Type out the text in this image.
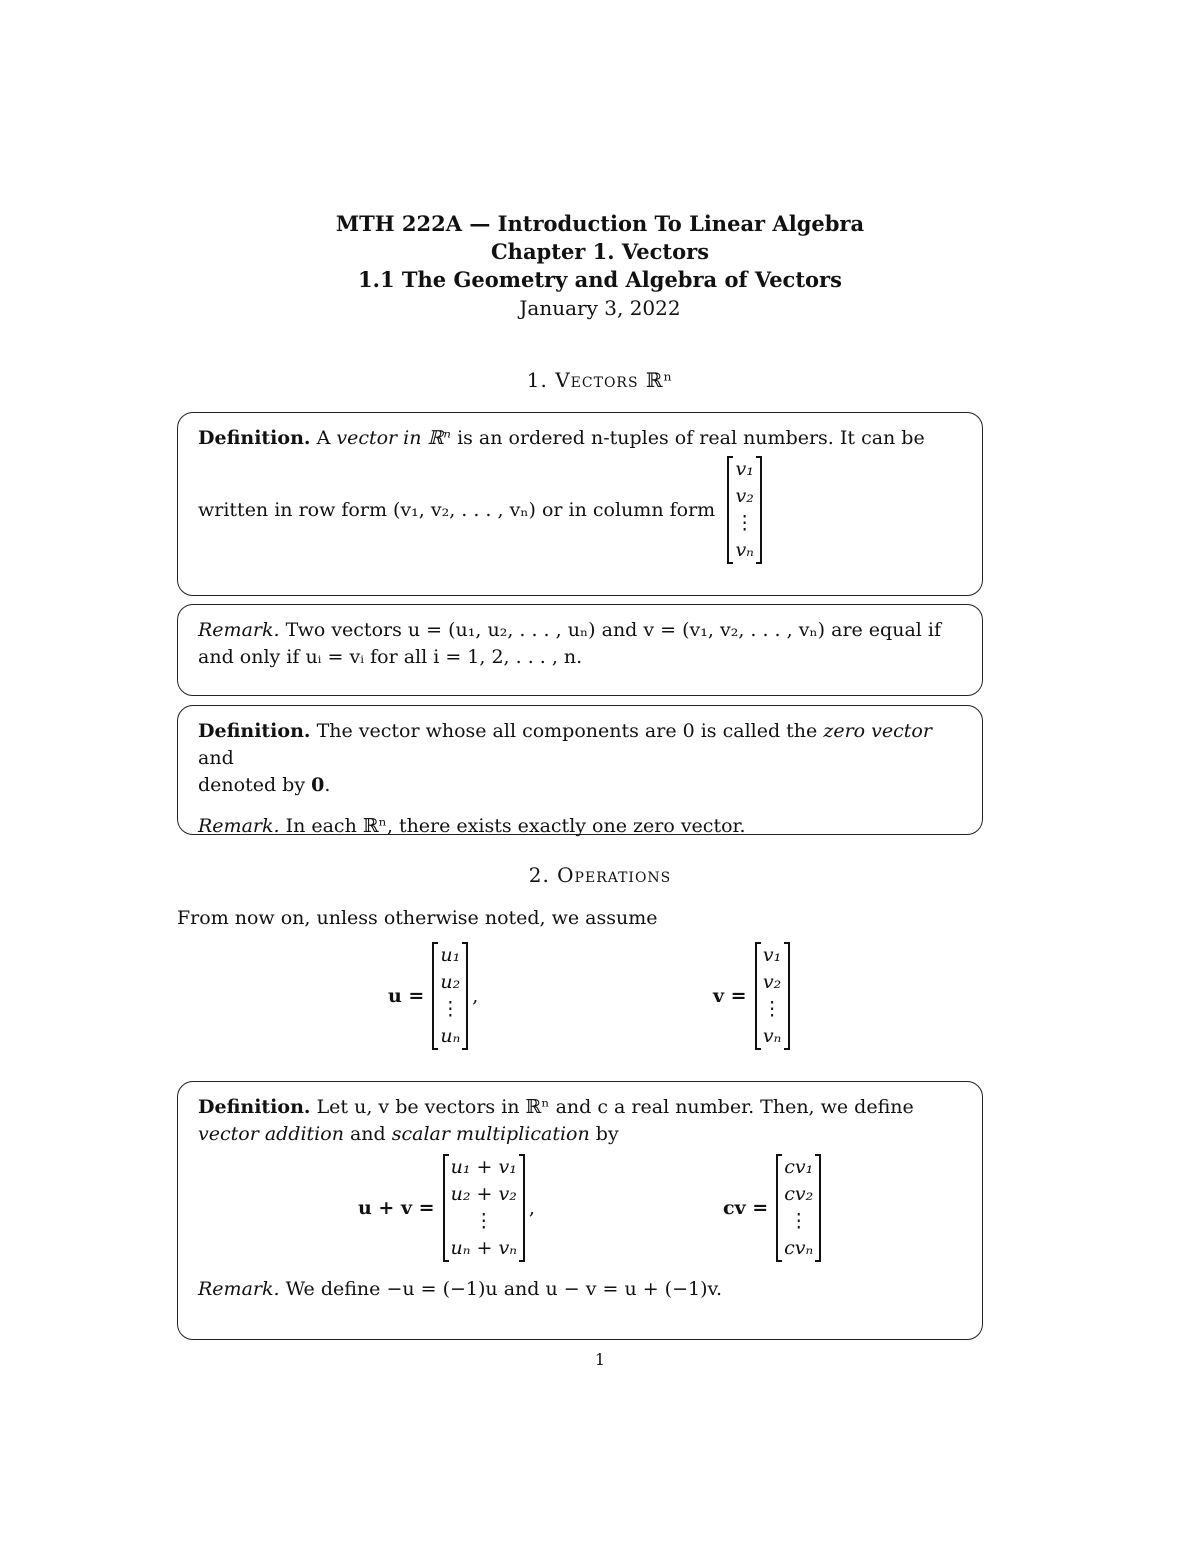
MTH 222A — Introduction To Linear Algebra
Chapter 1. Vectors
1.1 The Geometry and Algebra of Vectors
January 3, 2022
1. Vectors ℝⁿ

Definition. A vector in ℝⁿ is an ordered n-tuples of real numbers. It can be

written in row form (v₁, v₂, . . . , vₙ) or in column form
v₁
v₂
⋮
vₙ

Remark. Two vectors u = (u₁, u₂, . . . , uₙ) and v = (v₁, v₂, . . . , vₙ) are equal if

and only if uᵢ = vᵢ for all i = 1, 2, . . . , n.

Definition. The vector whose all components are 0 is called the zero vector and

denoted by 0.

Remark. In each ℝⁿ, there exists exactly one zero vector.

2. Operations

From now on, unless otherwise noted, we assume

u =
u₁
u₂
⋮
uₙ
,	v =
v₁
v₂
⋮
vₙ

Definition. Let u, v be vectors in ℝⁿ and c a real number. Then, we define

vector addition and scalar multiplication by

u + v =
u₁ + v₁
u₂ + v₂
⋮
uₙ + vₙ
,	cv =
cv₁
cv₂
⋮
cvₙ

Remark. We define −u = (−1)u and u − v = u + (−1)v.

1
